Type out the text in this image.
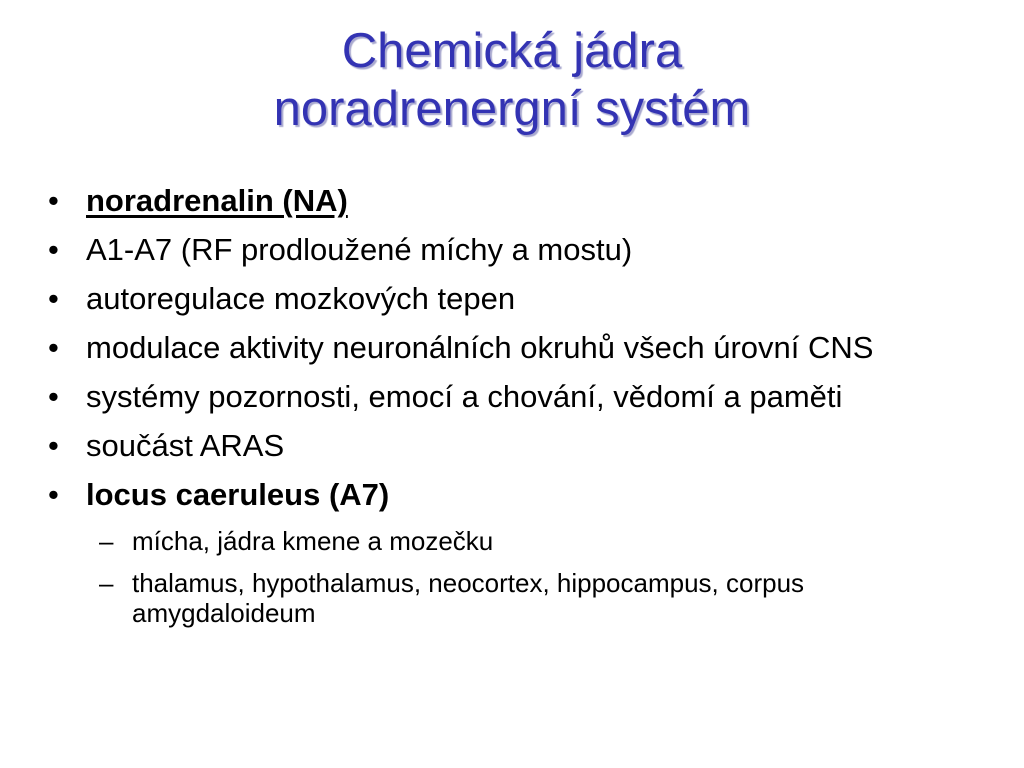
Chemická jádra
noradrenergní systém
• noradrenalin (NA)
• A1-A7 (RF prodloužené míchy a mostu)
• autoregulace mozkových tepen
• modulace aktivity neuronálních okruhů všech úrovní CNS
• systémy pozornosti, emocí a chování, vědomí a paměti
• součást ARAS
• locus caeruleus (A7)
– mícha, jádra kmene a mozečku
– thalamus, hypothalamus, neocortex, hippocampus, corpus amygdaloideum
